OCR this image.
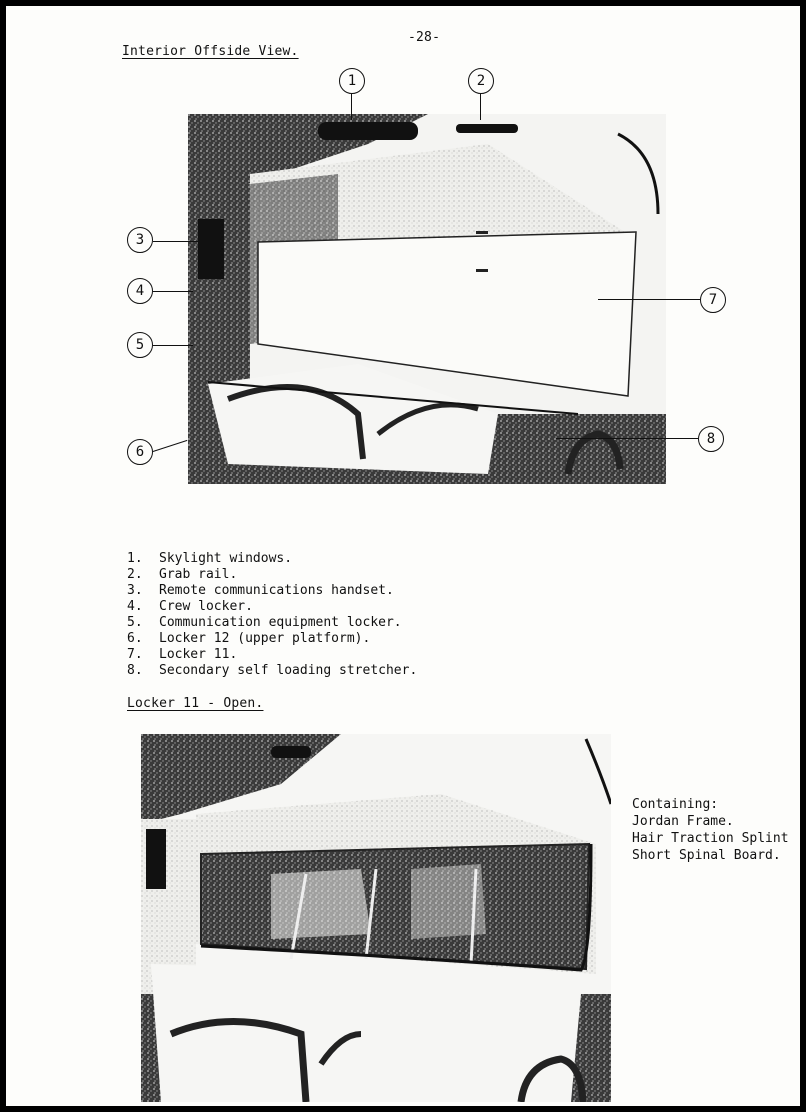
-28-
Interior Offside View.
1	2
3
4
5
6
7
8
1. Skylight windows.
2. Grab rail.
3. Remote communications handset.
4. Crew locker.
5. Communication equipment locker.
6. Locker 12 (upper platform).
7. Locker 11.
8. Secondary self loading stretcher.
Locker 11 - Open.
Containing:
Jordan Frame.
Hair Traction Splint
Short Spinal Board.
